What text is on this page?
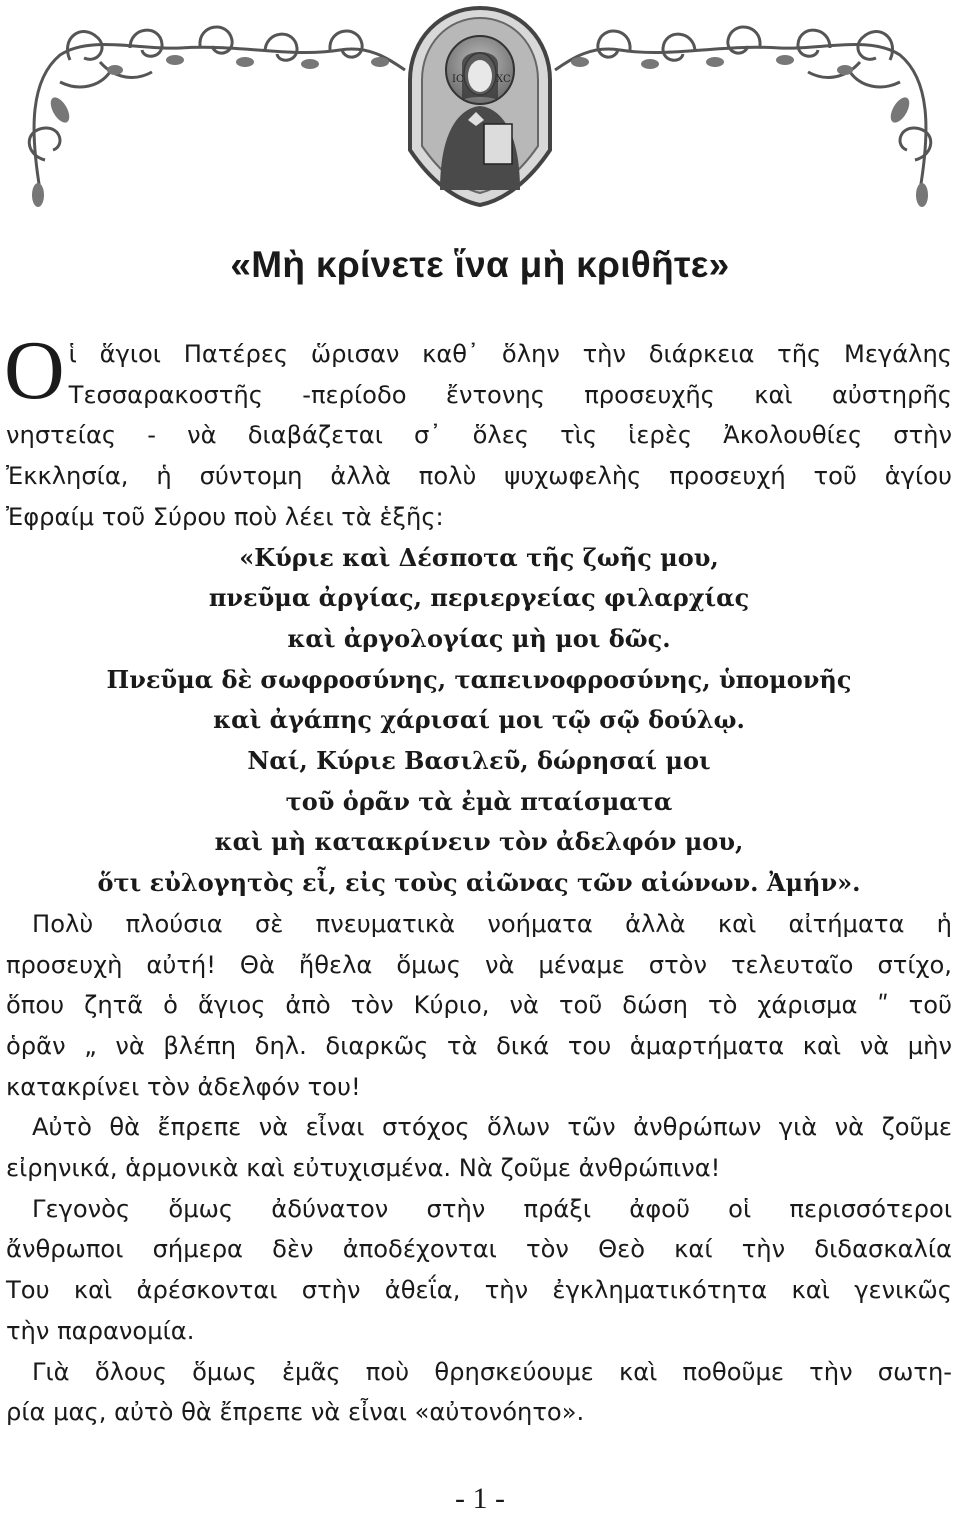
IC	XC
«Μὴ κρίνετε ἵνα μὴ κριθῆτε»
O ἱ ἅγιοι Πατέρες ὥρισαν καθ᾽ ὅλην τὴν διάρκεια τῆς Μεγάλης
Τεσσαρακοστῆς -περίοδο ἔντονης προσευχῆς καὶ αὐστηρῆς
νηστείας - νὰ διαβάζεται σ᾽ ὅλες τὶς ἱερὲς Ἀκολουθίες στὴν
Ἐκκλησία, ἡ σύντομη ἀλλὰ πολὺ ψυχωφελὴς προσευχή τοῦ ἁγίου
Ἐφραίμ τοῦ Σύρου ποὺ λέει τὰ ἑξῆς:
«Κύριε καὶ Δέσποτα τῆς ζωῆς μου,
πνεῦμα ἀργίας, περιεργείας φιλαρχίας
καὶ ἀργολογίας μὴ μοι δῶς.
Πνεῦμα δὲ σωφροσύνης, ταπεινοφροσύνης, ὑπομονῆς
καὶ ἀγάπης χάρισαί μοι τῷ σῷ δούλῳ.
Ναί, Κύριε Βασιλεῦ, δώρησαί μοι
τοῦ ὁρᾶν τὰ ἐμὰ πταίσματα
καὶ μὴ κατακρίνειν τὸν ἀδελφόν μου,
ὅτι εὐλογητὸς εἶ, εἰς τοὺς αἰῶνας τῶν αἰώνων. Ἀμήν».
Πολὺ πλούσια σὲ πνευματικὰ νοήματα ἀλλὰ καὶ αἰτήματα ἡ
προσευχὴ αὐτή! Θὰ ἤθελα ὅμως νὰ μέναμε στὸν τελευταῖο στίχο,
ὅπου ζητᾶ ὁ ἅγιος ἀπὸ τὸν Κύριο, νὰ τοῦ δώση τὸ χάρισμα ʺ τοῦ
ὁρᾶν „ νὰ βλέπη δηλ. διαρκῶς τὰ δικά του ἁμαρτήματα καὶ νὰ μὴν
κατακρίνει τὸν ἀδελφόν του!
Αὐτὸ θὰ ἔπρεπε νὰ εἶναι στόχος ὅλων τῶν ἀνθρώπων γιὰ νὰ ζοῦμε
εἰρηνικά, ἁρμονικὰ καὶ εὐτυχισμένα. Νὰ ζοῦμε ἀνθρώπινα!
Γεγονὸς ὅμως ἀδύνατον στὴν πράξι ἀφοῦ οἱ περισσότεροι
ἄνθρωποι σήμερα δὲν ἀποδέχονται τὸν Θεὸ καί τὴν διδασκαλία
Του καὶ ἀρέσκονται στὴν ἀθεΐα, τὴν ἐγκληματικότητα καὶ γενικῶς
τὴν παρανομία.
Γιὰ ὅλους ὅμως ἐμᾶς ποὺ θρησκεύουμε καὶ ποθοῦμε τὴν σωτη-
ρία μας, αὐτὸ θὰ ἔπρεπε νὰ εἶναι «αὐτονόητο».
- 1 -
